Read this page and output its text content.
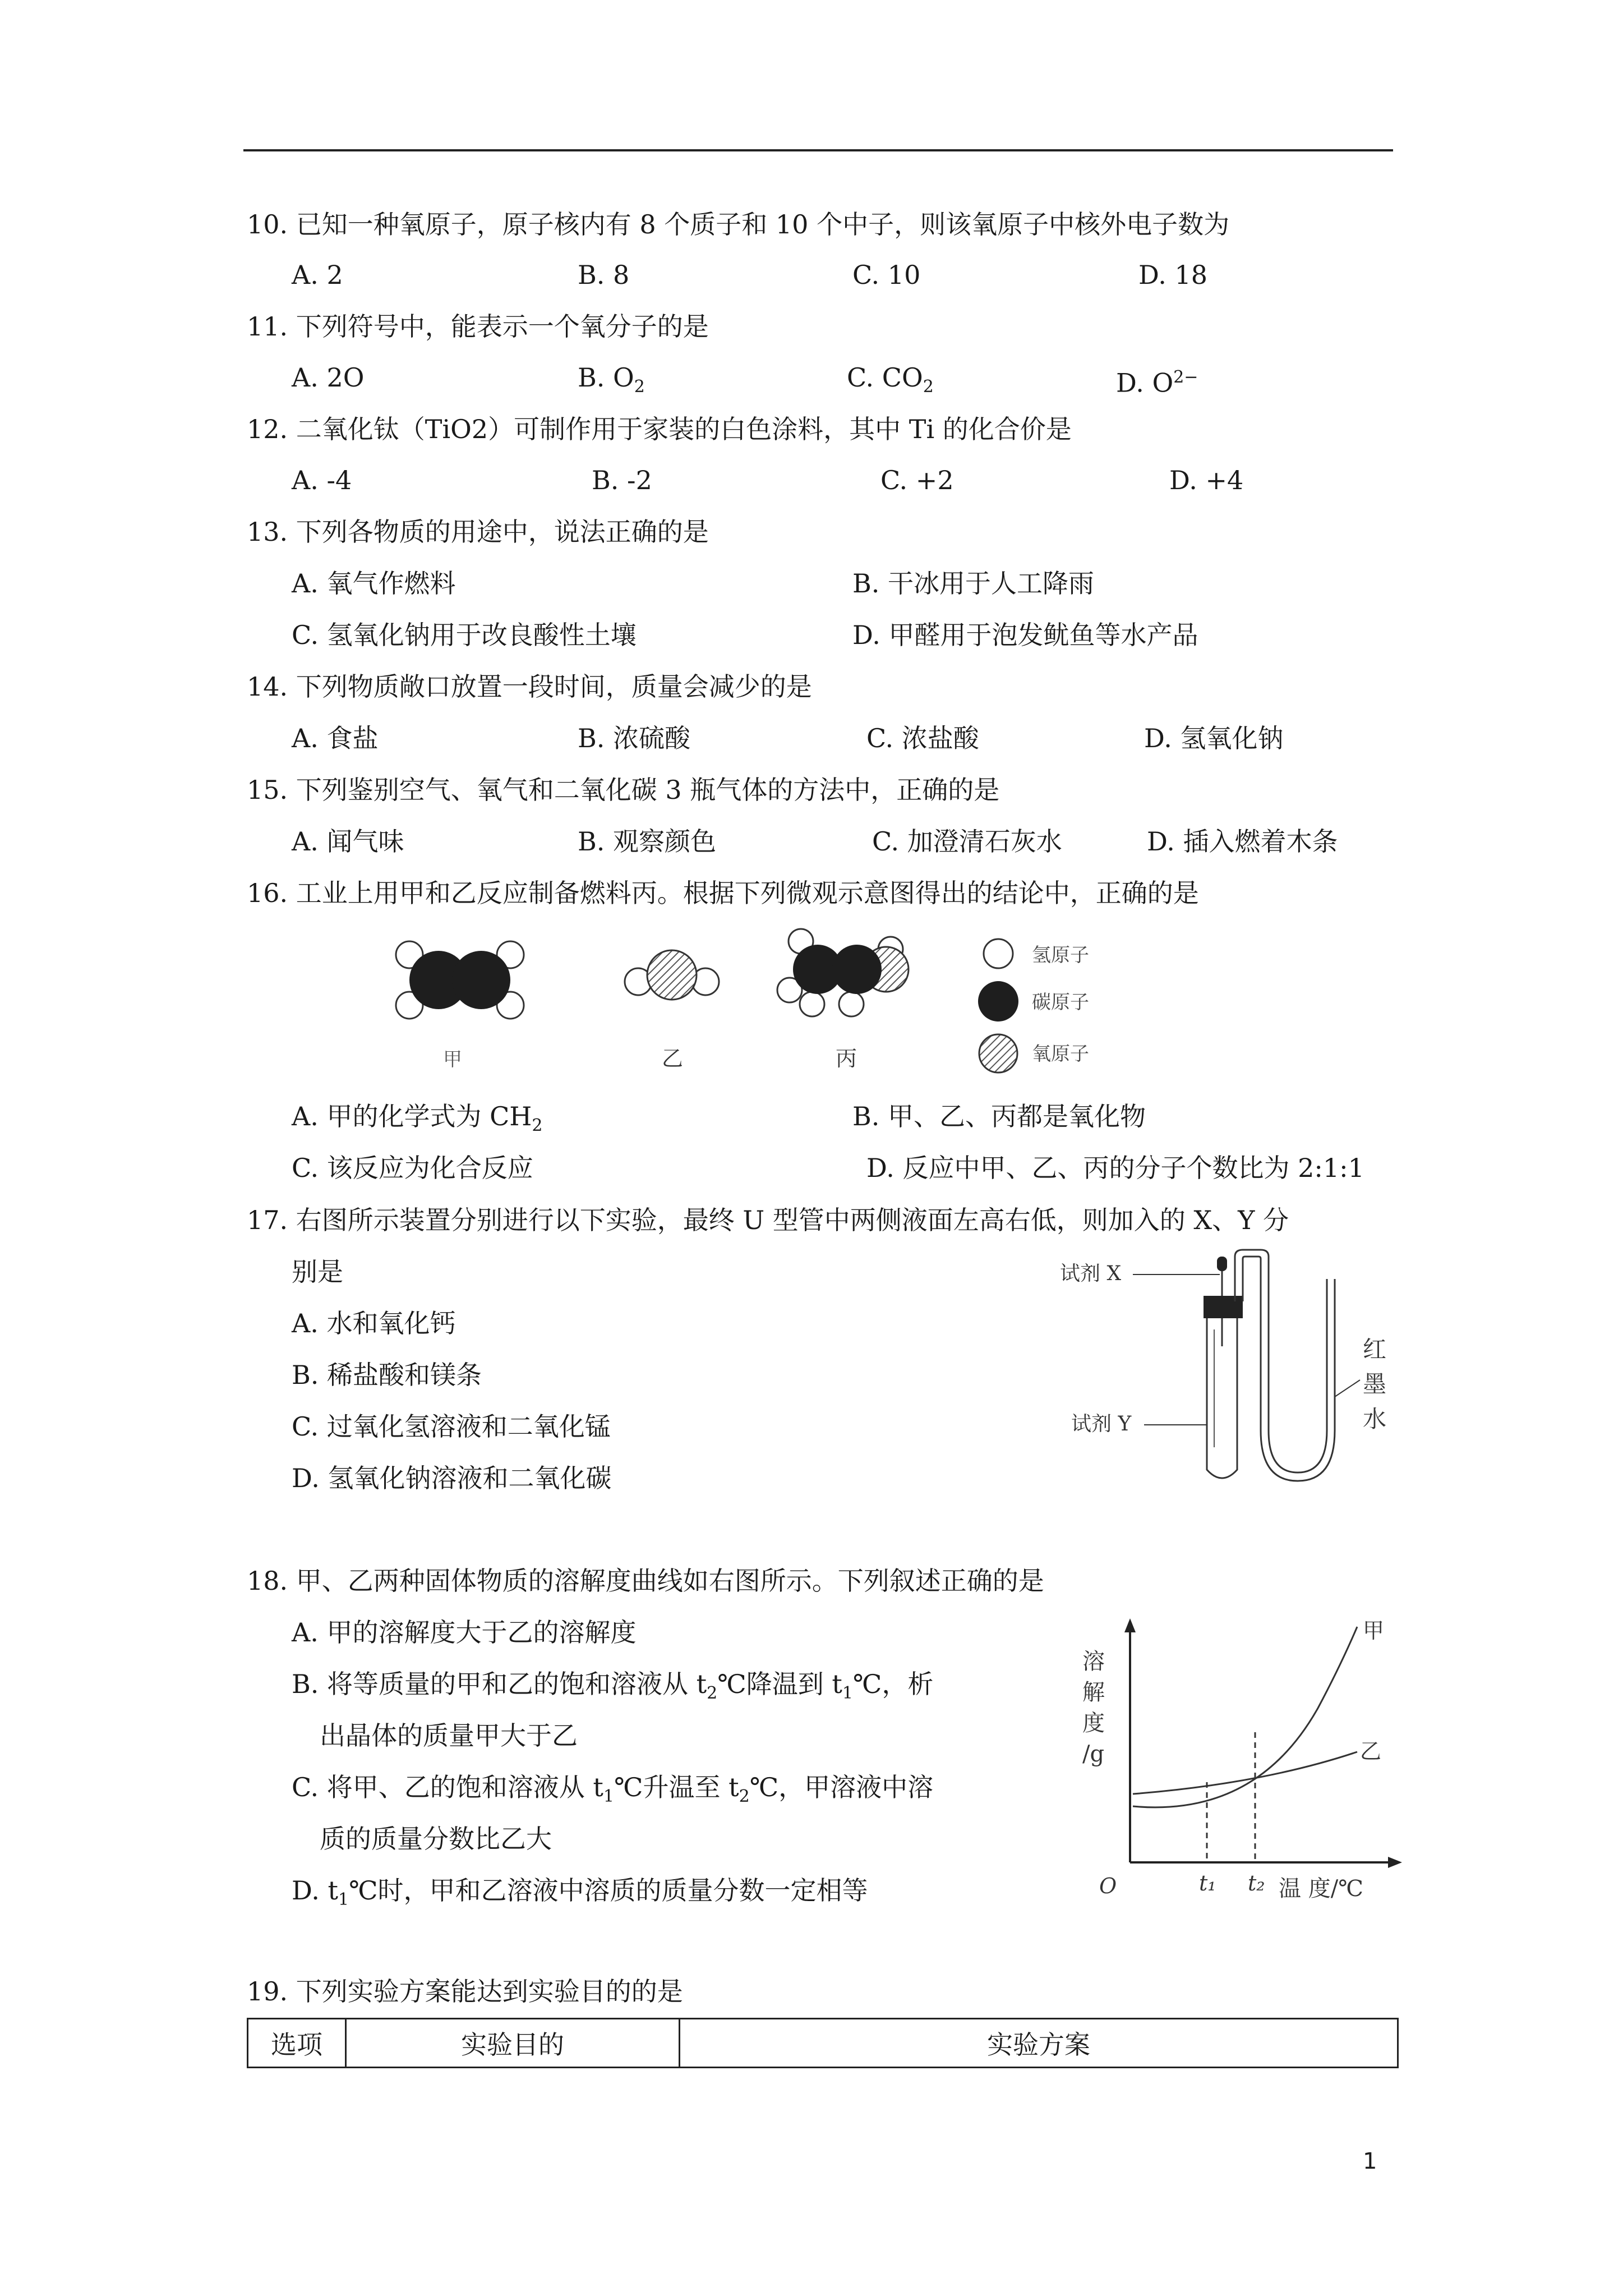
10. 已知一种氧原子，原子核内有 8 个质子和 10 个中子，则该氧原子中核外电子数为
A. 2	B. 8	C. 10	D. 18
11. 下列符号中，能表示一个氧分子的是
A. 2O	B. $O_2$	C. $CO_2$	D. $O^{2-}$
12. 二氧化钛（TiO2）可制作用于家装的白色涂料，其中 Ti 的化合价是
A. -4	B. -2	C. +2	D. +4
13. 下列各物质的用途中，说法正确的是
A. 氧气作燃料	B. 干冰用于人工降雨
C. 氢氧化钠用于改良酸性土壤	D. 甲醛用于泡发鱿鱼等水产品
14. 下列物质敞口放置一段时间，质量会减少的是
A. 食盐	B. 浓硫酸	C. 浓盐酸	D. 氢氧化钠
15. 下列鉴别空气、氧气和二氧化碳 3 瓶气体的方法中，正确的是
A. 闻气味	B. 观察颜色	C. 加澄清石灰水	D. 插入燃着木条
16. 工业上用甲和乙反应制备燃料丙。根据下列微观示意图得出的结论中，正确的是
甲	乙	丙
氢原子
碳原子
氧原子
A. 甲的化学式为 $CH_2$	B. 甲、乙、丙都是氧化物
C. 该反应为化合反应	D. 反应中甲、乙、丙的分子个数比为 2:1:1
17. 右图所示装置分别进行以下实验，最终 U 型管中两侧液面左高右低，则加入的 X、Y 分
别是
A. 水和氧化钙
B. 稀盐酸和镁条
C. 过氧化氢溶液和二氧化锰
D. 氢氧化钠溶液和二氧化碳
试剂 X
试剂 Y
红
墨
水
18. 甲、乙两种固体物质的溶解度曲线如右图所示。下列叙述正确的是
A. 甲的溶解度大于乙的溶解度
B. 将等质量的甲和乙的饱和溶液从 $t_2℃$降温到 $t_1℃$，析
出晶体的质量甲大于乙
C. 将甲、乙的饱和溶液从 $t_1℃$升温至 $t_2℃$，甲溶液中溶
质的质量分数比乙大
D. $t_1℃$时，甲和乙溶液中溶质的质量分数一定相等
溶
解
度
/g
甲
乙
O	t₁ t₂ 温 度/℃
19. 下列实验方案能达到实验目的的是
选项	实验目的	实验方案
1
